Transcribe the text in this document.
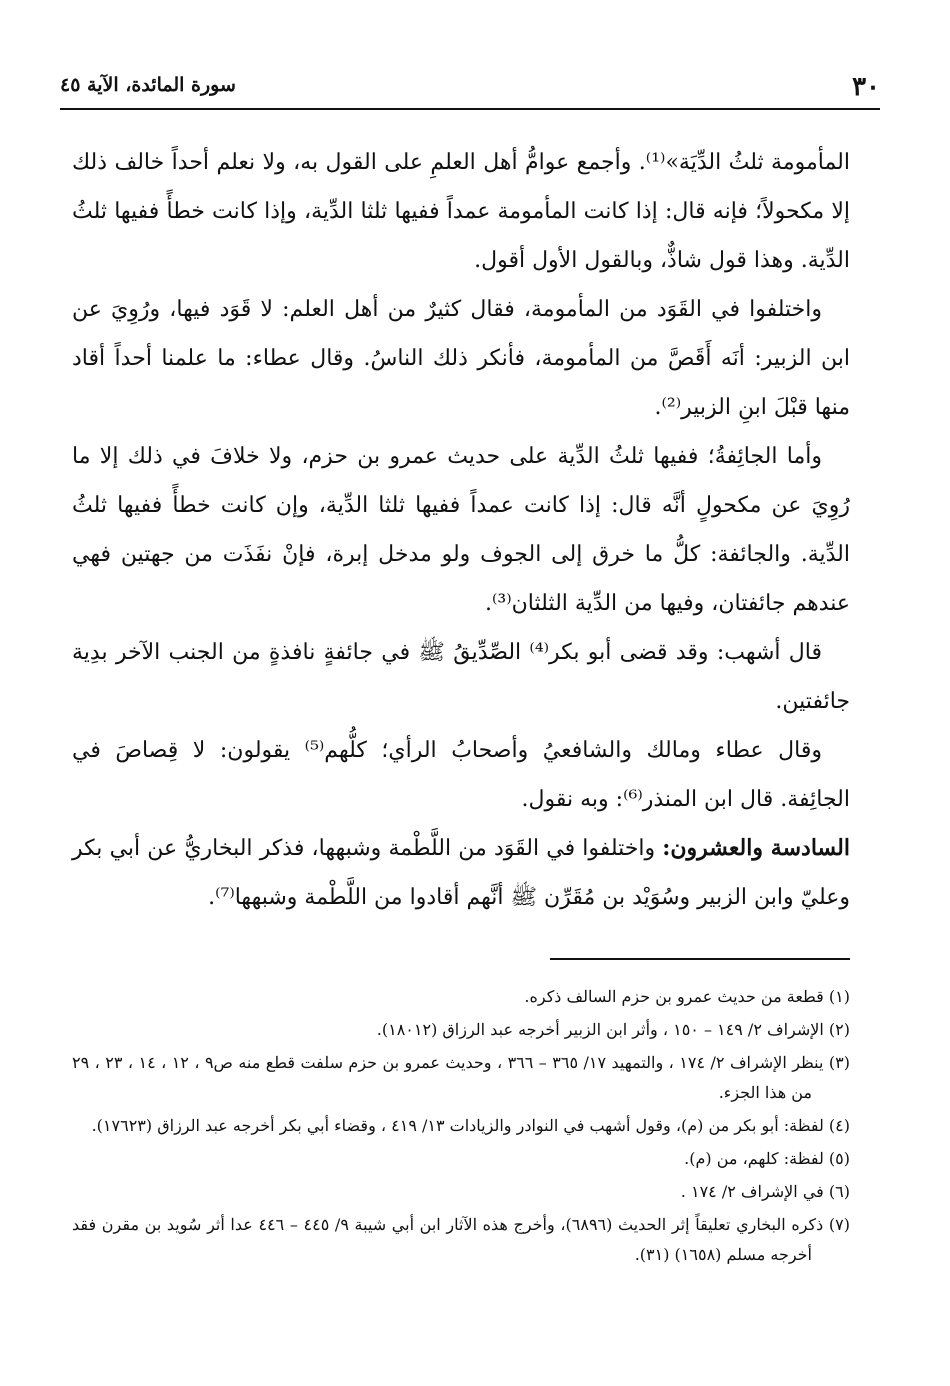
٣٠
سورة المائدة، الآية ٤٥

المأمومة ثلثُ الدِّيَة»⁽¹⁾. وأجمع عوامُّ أهل العلمِ على القول به، ولا نعلم أحداً خالف ذلك إلا مكحولاً؛ فإنه قال: إذا كانت المأمومة عمداً ففيها ثلثا الدِّية، وإذا كانت خطأً ففيها ثلثُ الدِّية. وهذا قول شاذٌّ، وبالقول الأول أقول.

واختلفوا في القَوَد من المأمومة، فقال كثيرٌ من أهل العلم: لا قَوَد فيها، ورُوِيَ عن ابن الزبير: أنَه أَقَصَّ من المأمومة، فأنكر ذلك الناسُ. وقال عطاء: ما علمنا أحداً أقاد منها قبْلَ ابنِ الزبير⁽²⁾.

وأما الجائِفةُ؛ ففيها ثلثُ الدِّية على حديث عمرو بن حزم، ولا خلافَ في ذلك إلا ما رُوِيَ عن مكحولٍ أنَّه قال: إذا كانت عمداً ففيها ثلثا الدِّية، وإن كانت خطأً ففيها ثلثُ الدِّية. والجائفة: كلُّ ما خرق إلى الجوف ولو مدخل إبرة، فإنْ نفَذَت من جهتين فهي عندهم جائفتان، وفيها من الدِّية الثلثان⁽³⁾.

قال أشهب: وقد قضى أبو بكر⁽⁴⁾ الصِّدِّيقُ ﷺ في جائفةٍ نافذةٍ من الجنب الآخر بدِية جائفتين.

وقال عطاء ومالك والشافعيُ وأصحابُ الرأي؛ كلُّهم⁽⁵⁾ يقولون: لا قِصاصَ في الجائِفة. قال ابن المنذر⁽⁶⁾: وبه نقول.

السادسة والعشرون: واختلفوا في القَوَد من اللَّطْمة وشبهها، فذكر البخاريُّ عن أبي بكر وعليّ وابن الزبير وسُوَيْد بن مُقَرِّن ﷺ أنَّهم أقادوا من اللَّطْمة وشبهها⁽⁷⁾.

(١) قطعة من حديث عمرو بن حزم السالف ذكره.

(٢) الإشراف ٢/ ١٤٩ – ١٥٠ ، وأثر ابن الزبير أخرجه عبد الرزاق (١٨٠١٢).

(٣) ينظر الإشراف ٢/ ١٧٤ ، والتمهيد ١٧/ ٣٦٥ – ٣٦٦ ، وحديث عمرو بن حزم سلفت قطع منه ص٩ ، ١٢ ، ١٤ ، ٢٣ ، ٢٩ من هذا الجزء.

(٤) لفظة: أبو بكر من (م)، وقول أشهب في النوادر والزيادات ١٣/ ٤١٩ ، وقضاء أبي بكر أخرجه عبد الرزاق (١٧٦٢٣).

(٥) لفظة: كلهم، من (م).

(٦) في الإشراف ٢/ ١٧٤ .

(٧) ذكره البخاري تعليقاً إثر الحديث (٦٨٩٦)، وأخرج هذه الآثار ابن أبي شيبة ٩/ ٤٤٥ – ٤٤٦ عدا أثر سُويد بن مقرن فقد أخرجه مسلم (١٦٥٨) (٣١).
